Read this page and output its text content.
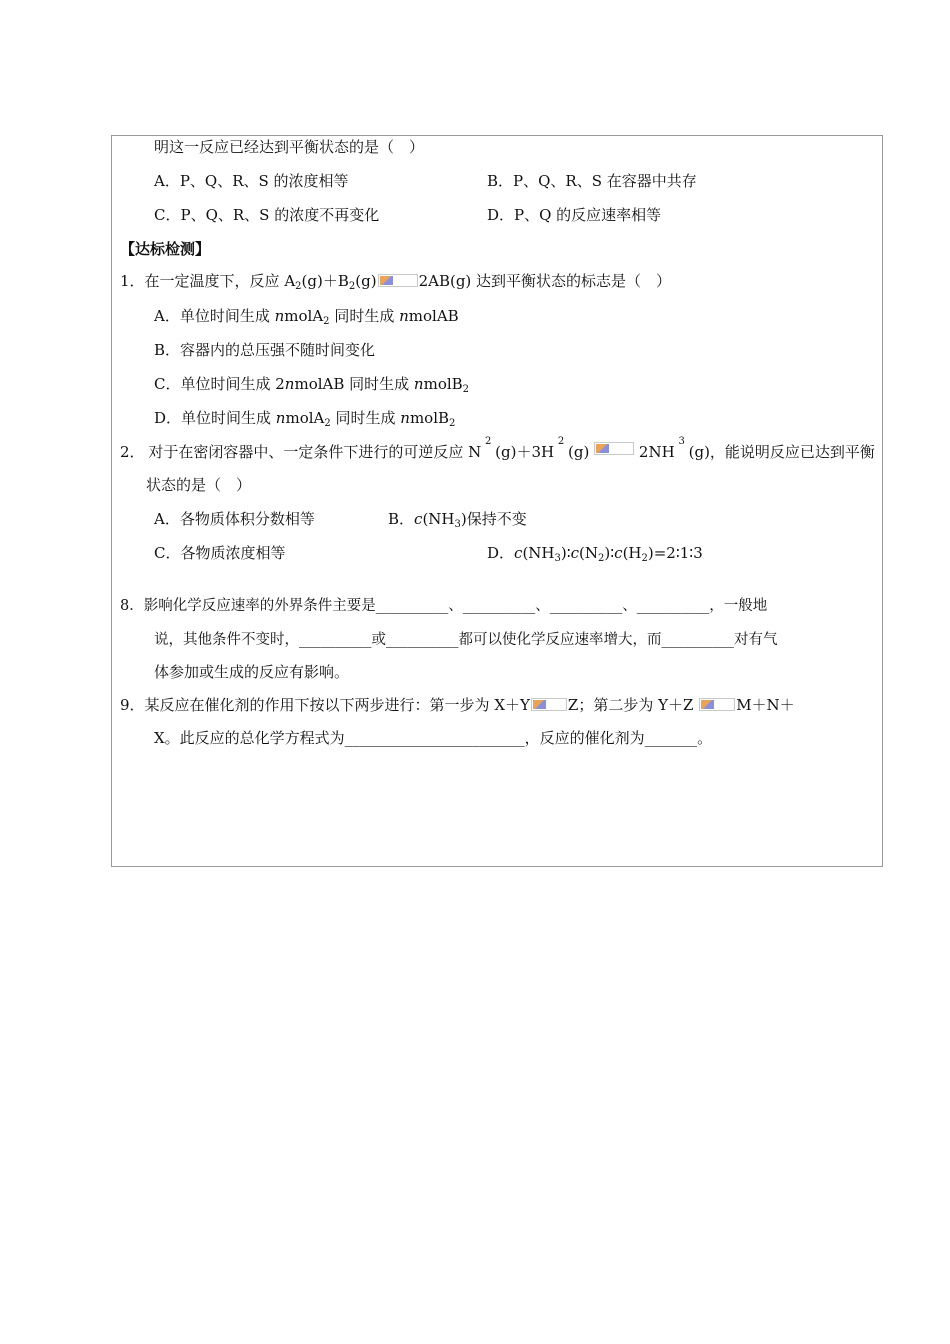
明这一反应已经达到平衡状态的是（　）
A．P、Q、R、S 的浓度相等	B．P、Q、R、S 在容器中共存
C．P、Q、R、S 的浓度不再变化	D．P、Q 的反应速率相等
【达标检测】
1．在一定温度下，反应 $A_2(g)+B_2(g)$	2AB(g) 达到平衡状态的标志是（　）
A．单位时间生成 nmolA$_2$ 同时生成 nmolAB
B．容器内的总压强不随时间变化
C．单位时间生成 2nmolAB 同时生成 nmolB$_2$
D．单位时间生成 nmolA$_2$ 同时生成 nmolB$_2$
2． 对于在密闭容器中、一定条件下进行的可逆反应 N
2
(g)＋3H
2
(g)	2NH
3
(g)，能说明反应已达到平衡
状态的是（　）
A．各物质体积分数相等	B．$c(NH_3)$保持不变
C．各物质浓度相等	D．$c(NH_3)∶c(N_2)∶c(H_2)=2∶1∶3$
8．影响化学反应速率的外界条件主要是__________、__________、__________、__________，一般地
说，其他条件不变时，__________或__________都可以使化学反应速率增大，而__________对有气
体参加或生成的反应有影响。
9．某反应在催化剂的作用下按以下两步进行：第一步为 X＋Y	Z；第二步为 Y＋Z	M＋N＋
X。此反应的总化学方程式为________________________，反应的催化剂为_______。
